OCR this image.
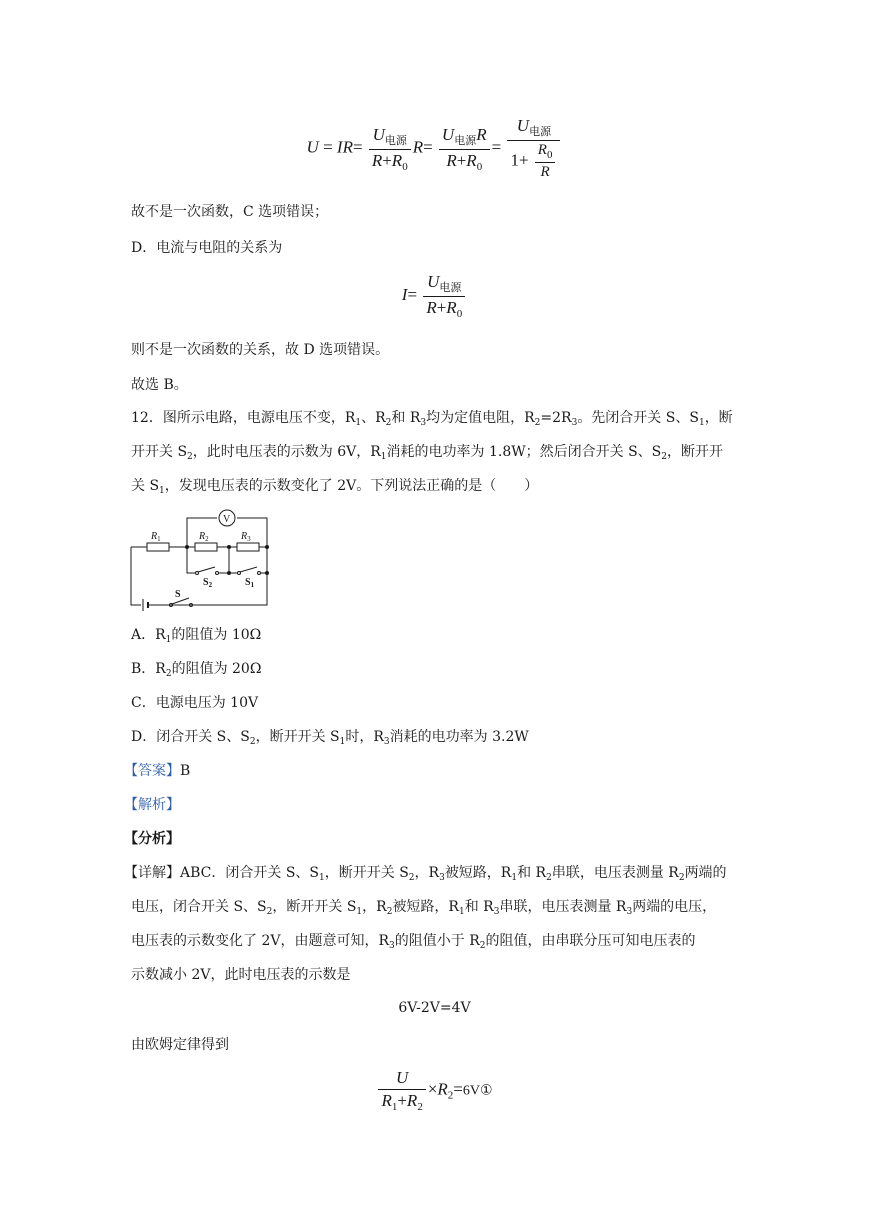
$U = IR= \frac{U_{电源}}{R+R_0} R= \frac{U_{电源}R}{R+R_0} = \frac{U_{电源}}{1+ \frac{R_0}{R}}$
故不是一次函数，C 选项错误；
D．电流与电阻的关系为
$I= \frac{U_{电源}}{R+R_0}$
则不是一次函数的关系，故 D 选项错误。
故选 B。
12．图所示电路，电源电压不变，$R_1$、$R_2$和 $R_3$均为定值电阻，$R_2=2R_3$。先闭合开关 S、$S_1$，断
开开关 $S_2$，此时电压表的示数为 6V，$R_1$消耗的电功率为 1.8W；然后闭合开关 S、$S_2$，断开开
关 $S_1$，发现电压表的示数变化了 2V。下列说法正确的是（　　）
V
$R_1$	$R_2$	$R_3$
$S_2$	$S_1$
S
A．$R_1$的阻值为 10Ω
B．$R_2$的阻值为 20Ω
C．电源电压为 10V
D．闭合开关 S、$S_2$，断开开关 $S_1$时，$R_3$消耗的电功率为 3.2W
【答案】B
【解析】
【分析】
【详解】ABC．闭合开关 S、$S_1$，断开开关 $S_2$，$R_3$被短路，$R_1$和 $R_2$串联，电压表测量 $R_2$两端的
电压，闭合开关 S、$S_2$，断开开关 $S_1$，$R_2$被短路，$R_1$和 $R_3$串联，电压表测量 $R_3$两端的电压，
电压表的示数变化了 2V，由题意可知，$R_3$的阻值小于 $R_2$的阻值，由串联分压可知电压表的
示数减小 2V，此时电压表的示数是
6V-2V=4V
由欧姆定律得到
$\frac{U}{R_1+R_2}$ $\times R_2=6V①$
